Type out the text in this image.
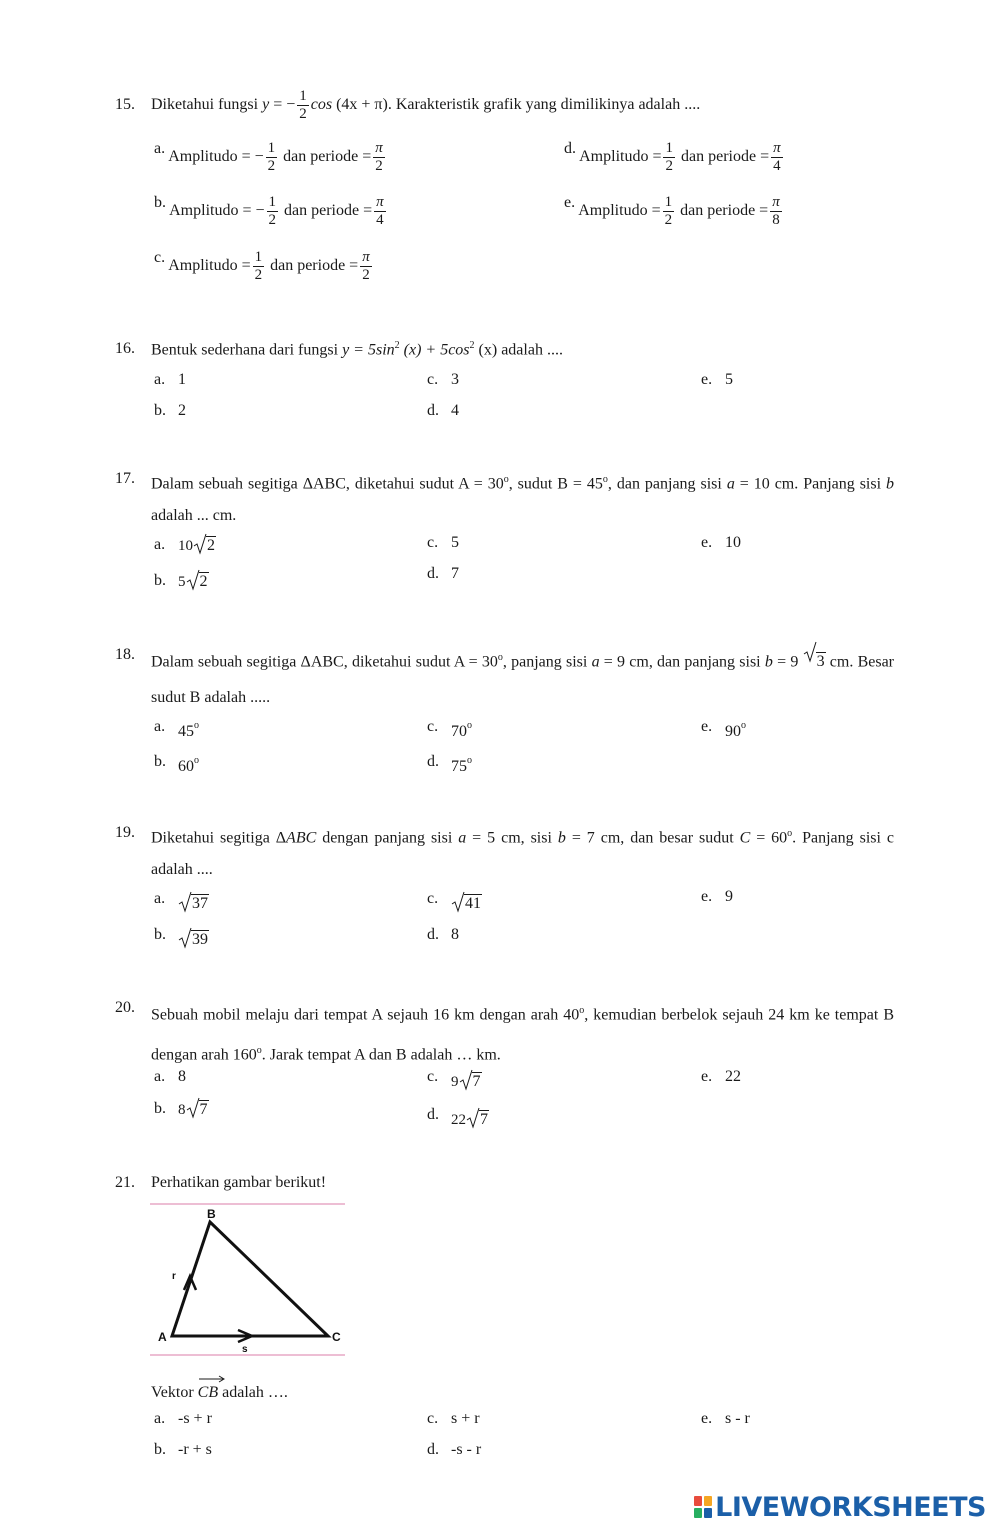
15. Diketahui fungsi y = − $\frac{1}{2}$ cos (4x + π). Karakteristik grafik yang dimilikinya adalah ....
a. Amplitudo = − $\frac{1}{2}$ dan periode = $\frac{\pi}{2}$
b. Amplitudo = − $\frac{1}{2}$ dan periode = $\frac{\pi}{4}$
c. Amplitudo = $\frac{1}{2}$ dan periode = $\frac{\pi}{2}$
d. Amplitudo = $\frac{1}{2}$ dan periode = $\frac{\pi}{4}$
e. Amplitudo = $\frac{1}{2}$ dan periode = $\frac{\pi}{8}$
16. Bentuk sederhana dari fungsi $y = 5\sin^2$ $(x) + 5\cos^2$ (x) adalah ....
a. 1
b. 2
c. 3
d. 4
e. 5
17. Dalam sebuah segitiga ΔABC, diketahui sudut $A = 30^o$, sudut $B = 45^o$, dan panjang sisi a = 10 cm. Panjang sisi b adalah ... cm.
a. 10 2
b. 5 2
c. 5
d. 7
e. 10
18. Dalam sebuah segitiga ΔABC, diketahui sudut $A = 30^o$, panjang sisi a = 9 cm, dan panjang sisi b = 9 3 cm. Besar sudut B adalah .....
a. 45$^o$
b. 60$^o$
c. 70$^o$
d. 75$^o$
e. 90$^o$
19. Diketahui segitiga ΔABC dengan panjang sisi a = 5 cm, sisi b = 7 cm, dan besar sudut $C = 60^o$. Panjang sisi c adalah ....
a. 37
b. 39
c. 41
d. 8
e. 9
20. Sebuah mobil melaju dari tempat A sejauh 16 km dengan arah 40$^o$, kemudian berbelok sejauh 24 km ke tempat B dengan arah 160$^o$. Jarak tempat A dan B adalah … km.
a. 8
b. 8 7
c. 9 7
d. 22 7
e. 22
21. Perhatikan gambar berikut!
B
A	C
r
s
Vektor
CB adalah ….
a. -s + r
b. -r + s
c. s + r
d. -s - r
e. s - r
LIVEWORKSHEETS
